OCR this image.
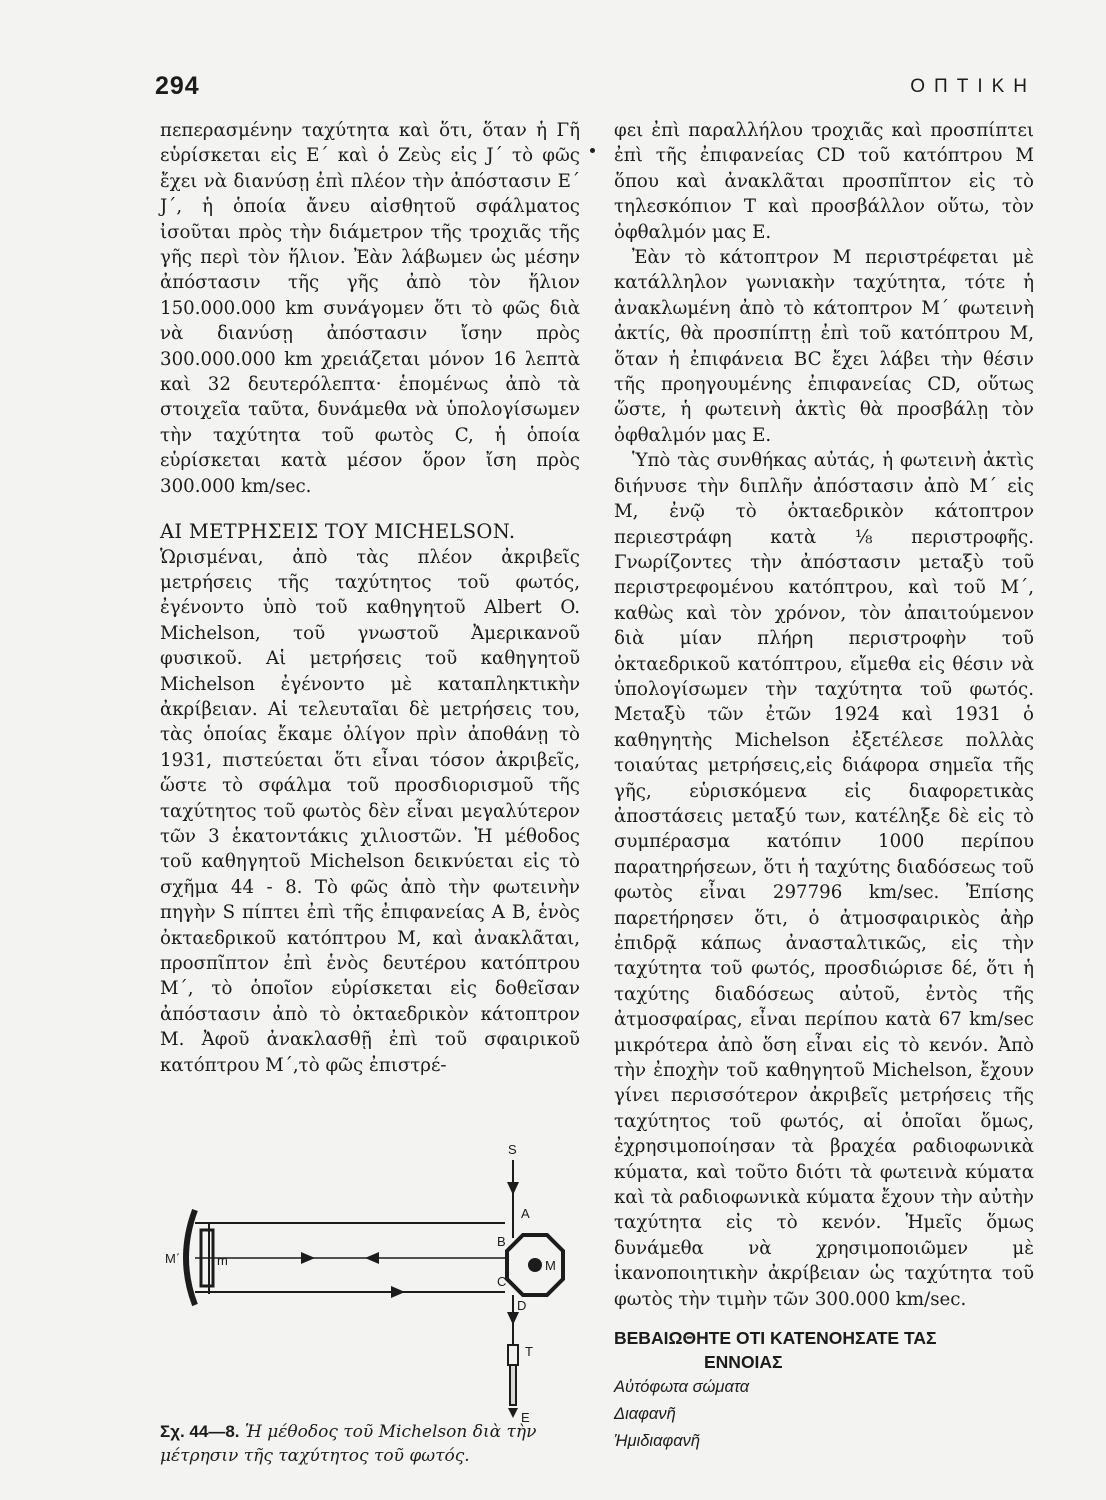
294	ΟΠΤΙΚΗ

πεπερασμένην ταχύτητα καὶ ὅτι, ὅταν ἡ Γῆ εὑρίσκεται εἰς Ε΄ καὶ ὁ Ζεὺς εἰς J΄ τὸ φῶς ἔχει νὰ διανύσῃ ἐπὶ πλέον τὴν ἀπόστασιν Ε΄ J΄, ἡ ὁποία ἄνευ αἰσθητοῦ σφάλματος ἰσοῦται πρὸς τὴν διάμετρον τῆς τροχιᾶς τῆς γῆς περὶ τὸν ἥλιον. Ἐὰν λάβωμεν ὡς μέσην ἀπόστασιν τῆς γῆς ἀπὸ τὸν ἥλιον 150.000.000 km συνάγομεν ὅτι τὸ φῶς διὰ νὰ διανύσῃ ἀπόστασιν ἴσην πρὸς 300.000.000 km χρειάζεται μόνον 16 λεπτὰ καὶ 32 δευτερόλεπτα· ἑπομένως ἀπὸ τὰ στοιχεῖα ταῦτα, δυνάμεθα νὰ ὑπολογίσωμεν τὴν ταχύτητα τοῦ φωτὸς C, ἡ ὁποία εὑρίσκεται κατὰ μέσον ὅρον ἴση πρὸς 300.000 km/sec.

ΑΙ ΜΕΤΡΗΣΕΙΣ ΤΟΥ MICHELSON.

Ὡρισμέναι, ἀπὸ τὰς πλέον ἀκριβεῖς μετρήσεις τῆς ταχύτητος τοῦ φωτός, ἐγένοντο ὑπὸ τοῦ καθηγητοῦ Albert O. Michelson, τοῦ γνωστοῦ Ἀμερικανοῦ φυσικοῦ. Αἱ μετρήσεις τοῦ καθηγητοῦ Michelson ἐγένοντο μὲ καταπληκτικὴν ἀκρίβειαν. Αἱ τελευταῖαι δὲ μετρήσεις του, τὰς ὁποίας ἔκαμε ὀλίγον πρὶν ἀποθάνῃ τὸ 1931, πιστεύεται ὅτι εἶναι τόσον ἀκριβεῖς, ὥστε τὸ σφάλμα τοῦ προσδιορισμοῦ τῆς ταχύτητος τοῦ φωτὸς δὲν εἶναι μεγαλύτερον τῶν 3 ἑκατοντάκις χιλιοστῶν. Ἡ μέθοδος τοῦ καθηγητοῦ Michelson δεικνύεται εἰς τὸ σχῆμα 44 - 8. Τὸ φῶς ἀπὸ τὴν φωτεινὴν πηγὴν S πίπτει ἐπὶ τῆς ἐπιφανείας A B, ἑνὸς ὀκταεδρικοῦ κατόπτρου M, καὶ ἀνακλᾶται, προσπῖπτον ἐπὶ ἑνὸς δευτέρου κατόπτρου M΄, τὸ ὁποῖον εὑρίσκεται εἰς δοθεῖσαν ἀπόστασιν ἀπὸ τὸ ὀκταεδρικὸν κάτοπτρον M. Ἀφοῦ ἀνακλασθῇ ἐπὶ τοῦ σφαιρικοῦ κατόπτρου M΄,τὸ φῶς ἐπιστρέ-

S
A
B
C
D
M
M΄	m
T
E
Σχ. 44—8. Ἡ μέθοδος τοῦ Michelson διὰ τὴν μέτρησιν τῆς ταχύτητος τοῦ φωτός.

φει ἐπὶ παραλλήλου τροχιᾶς καὶ προσπίπτει ἐπὶ τῆς ἐπιφανείας CD τοῦ κατόπτρου M ὅπου καὶ ἀνακλᾶται προσπῖπτον εἰς τὸ τηλεσκόπιον T καὶ προσβάλλον οὕτω, τὸν ὀφθαλμόν μας E.

Ἐὰν τὸ κάτοπτρον M περιστρέφεται μὲ κατάλληλον γωνιακὴν ταχύτητα, τότε ἡ ἀνακλωμένη ἀπὸ τὸ κάτοπτρον M΄ φωτεινὴ ἀκτίς, θὰ προσπίπτῃ ἐπὶ τοῦ κατόπτρου M, ὅταν ἡ ἐπιφάνεια BC ἔχει λάβει τὴν θέσιν τῆς προηγουμένης ἐπιφανείας CD, οὕτως ὥστε, ἡ φωτεινὴ ἀκτὶς θὰ προσβάλῃ τὸν ὀφθαλμόν μας E.

Ὑπὸ τὰς συνθήκας αὐτάς, ἡ φωτεινὴ ἀκτὶς διήνυσε τὴν διπλῆν ἀπόστασιν ἀπὸ M΄ εἰς M, ἐνῷ τὸ ὀκταεδρικὸν κάτοπτρον περιεστράφη κατὰ ⅛ περιστροφῆς. Γνωρίζοντες τὴν ἀπόστασιν μεταξὺ τοῦ περιστρεφομένου κατόπτρου, καὶ τοῦ M΄, καθὼς καὶ τὸν χρόνον, τὸν ἀπαιτούμενον διὰ μίαν πλήρη περιστροφὴν τοῦ ὀκταεδρικοῦ κατόπτρου, εἴμεθα εἰς θέσιν νὰ ὑπολογίσωμεν τὴν ταχύτητα τοῦ φωτός. Μεταξὺ τῶν ἐτῶν 1924 καὶ 1931 ὁ καθηγητὴς Michelson ἐξετέλεσε πολλὰς τοιαύτας μετρήσεις,εἰς διάφορα σημεῖα τῆς γῆς, εὑρισκόμενα εἰς διαφορετικὰς ἀποστάσεις μεταξύ των, κατέληξε δὲ εἰς τὸ συμπέρασμα κατόπιν 1000 περίπου παρατηρήσεων, ὅτι ἡ ταχύτης διαδόσεως τοῦ φωτὸς εἶναι 297796 km/sec. Ἐπίσης παρετήρησεν ὅτι, ὁ ἀτμοσφαιρικὸς ἀὴρ ἐπιδρᾷ κάπως ἀνασταλτικῶς, εἰς τὴν ταχύτητα τοῦ φωτός, προσδιώρισε δέ, ὅτι ἡ ταχύτης διαδόσεως αὐτοῦ, ἐντὸς τῆς ἀτμοσφαίρας, εἶναι περίπου κατὰ 67 km/sec μικρότερα ἀπὸ ὅση εἶναι εἰς τὸ κενόν. Ἀπὸ τὴν ἐποχὴν τοῦ καθηγητοῦ Michelson, ἔχουν γίνει περισσότερον ἀκριβεῖς μετρήσεις τῆς ταχύτητος τοῦ φωτός, αἱ ὁποῖαι ὅμως, ἐχρησιμοποίησαν τὰ βραχέα ραδιοφωνικὰ κύματα, καὶ τοῦτο διότι τὰ φωτεινὰ κύματα καὶ τὰ ραδιοφωνικὰ κύματα ἔχουν τὴν αὐτὴν ταχύτητα εἰς τὸ κενόν. Ἡμεῖς ὅμως δυνάμεθα νὰ χρησιμοποιῶμεν μὲ ἱκανοποιητικὴν ἀκρίβειαν ὡς ταχύτητα τοῦ φωτὸς τὴν τιμὴν τῶν 300.000 km/sec.

ΒΕΒΑΙΩΘΗΤΕ ΟΤΙ ΚΑΤΕΝΟΗΣΑΤΕ ΤΑΣ
ΕΝΝΟΙΑΣ

Αὐτόφωτα σώματα

Διαφανῆ

Ἡμιδιαφανῆ
